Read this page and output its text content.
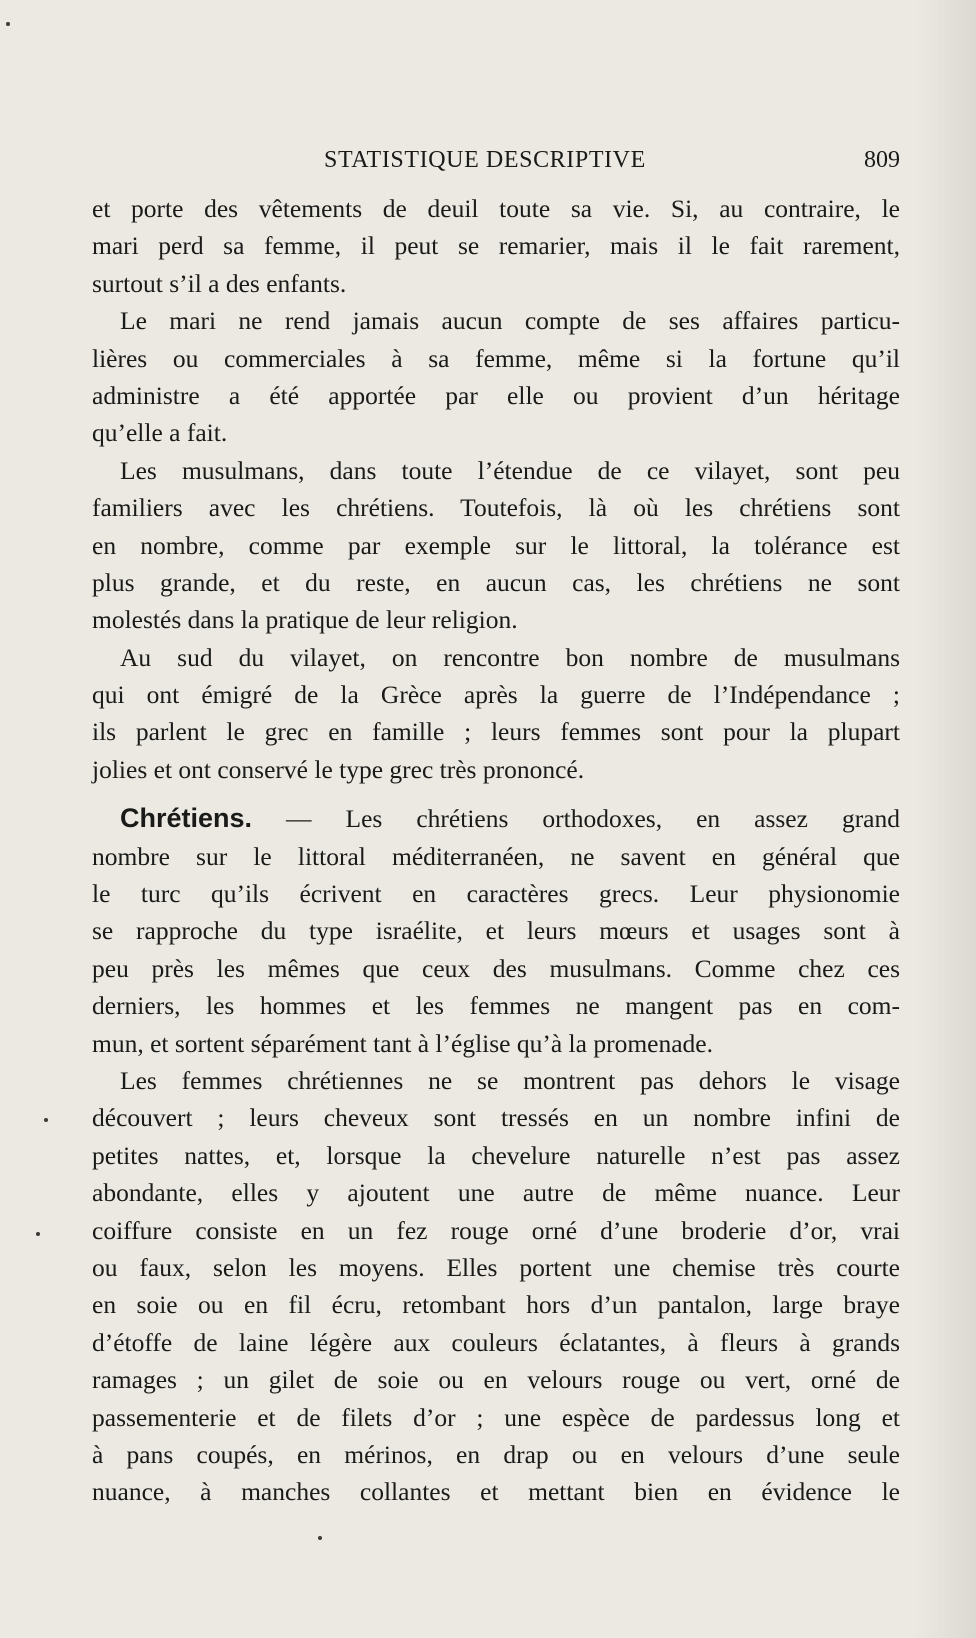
STATISTIQUE DESCRIPTIVE	809
et porte des vêtements de deuil toute sa vie. Si, au contraire, le
mari perd sa femme, il peut se remarier, mais il le fait rarement,
surtout s’il a des enfants.
Le mari ne rend jamais aucun compte de ses affaires particu-
lières ou commerciales à sa femme, même si la fortune qu’il
administre a été apportée par elle ou provient d’un héritage
qu’elle a fait.
Les musulmans, dans toute l’étendue de ce vilayet, sont peu
familiers avec les chrétiens. Toutefois, là où les chrétiens sont
en nombre, comme par exemple sur le littoral, la tolérance est
plus grande, et du reste, en aucun cas, les chrétiens ne sont
molestés dans la pratique de leur religion.
Au sud du vilayet, on rencontre bon nombre de musulmans
qui ont émigré de la Grèce après la guerre de l’Indépendance ;
ils parlent le grec en famille ; leurs femmes sont pour la plupart
jolies et ont conservé le type grec très prononcé.
Chrétiens. — Les chrétiens orthodoxes, en assez grand
nombre sur le littoral méditerranéen, ne savent en général que
le turc qu’ils écrivent en caractères grecs. Leur physionomie
se rapproche du type israélite, et leurs mœurs et usages sont à
peu près les mêmes que ceux des musulmans. Comme chez ces
derniers, les hommes et les femmes ne mangent pas en com-
mun, et sortent séparément tant à l’église qu’à la promenade.
Les femmes chrétiennes ne se montrent pas dehors le visage
découvert ; leurs cheveux sont tressés en un nombre infini de
petites nattes, et, lorsque la chevelure naturelle n’est pas assez
abondante, elles y ajoutent une autre de même nuance. Leur
coiffure consiste en un fez rouge orné d’une broderie d’or, vrai
ou faux, selon les moyens. Elles portent une chemise très courte
en soie ou en fil écru, retombant hors d’un pantalon, large braye
d’étoffe de laine légère aux couleurs éclatantes, à fleurs à grands
ramages ; un gilet de soie ou en velours rouge ou vert, orné de
passementerie et de filets d’or ; une espèce de pardessus long et
à pans coupés, en mérinos, en drap ou en velours d’une seule
nuance, à manches collantes et mettant bien en évidence le
